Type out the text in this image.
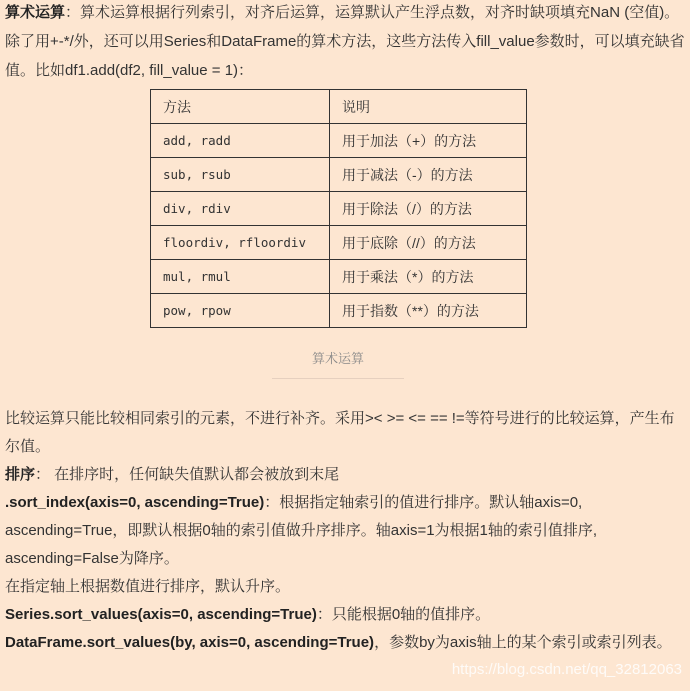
算术运算：算术运算根据行列索引，对齐后运算，运算默认产生浮点数，对齐时缺项填充NaN (空值)。除了用+-*/外，还可以用Series和DataFrame的算术方法，这些方法传入fill_value参数时，可以填充缺省值。比如df1.add(df2, fill_value = 1)：
方法	说明
add, radd	用于加法（+）的方法
sub, rsub	用于减法（-）的方法
div, rdiv	用于除法（/）的方法
floordiv, rfloordiv	用于底除（//）的方法
mul, rmul	用于乘法（*）的方法
pow, rpow	用于指数（**）的方法
算术运算
比较运算只能比较相同索引的元素，不进行补齐。采用>< >= <= == !=等符号进行的比较运算，产生布尔值。
排序： 在排序时，任何缺失值默认都会被放到末尾
.sort_index(axis=0, ascending=True)：根据指定轴索引的值进行排序。默认轴axis=0, ascending=True，即默认根据0轴的索引值做升序排序。轴axis=1为根据1轴的索引值排序, ascending=False为降序。
在指定轴上根据数值进行排序，默认升序。
Series.sort_values(axis=0, ascending=True)：只能根据0轴的值排序。
DataFrame.sort_values(by, axis=0, ascending=True)，参数by为axis轴上的某个索引或索引列表。
https://blog.csdn.net/qq_32812063
